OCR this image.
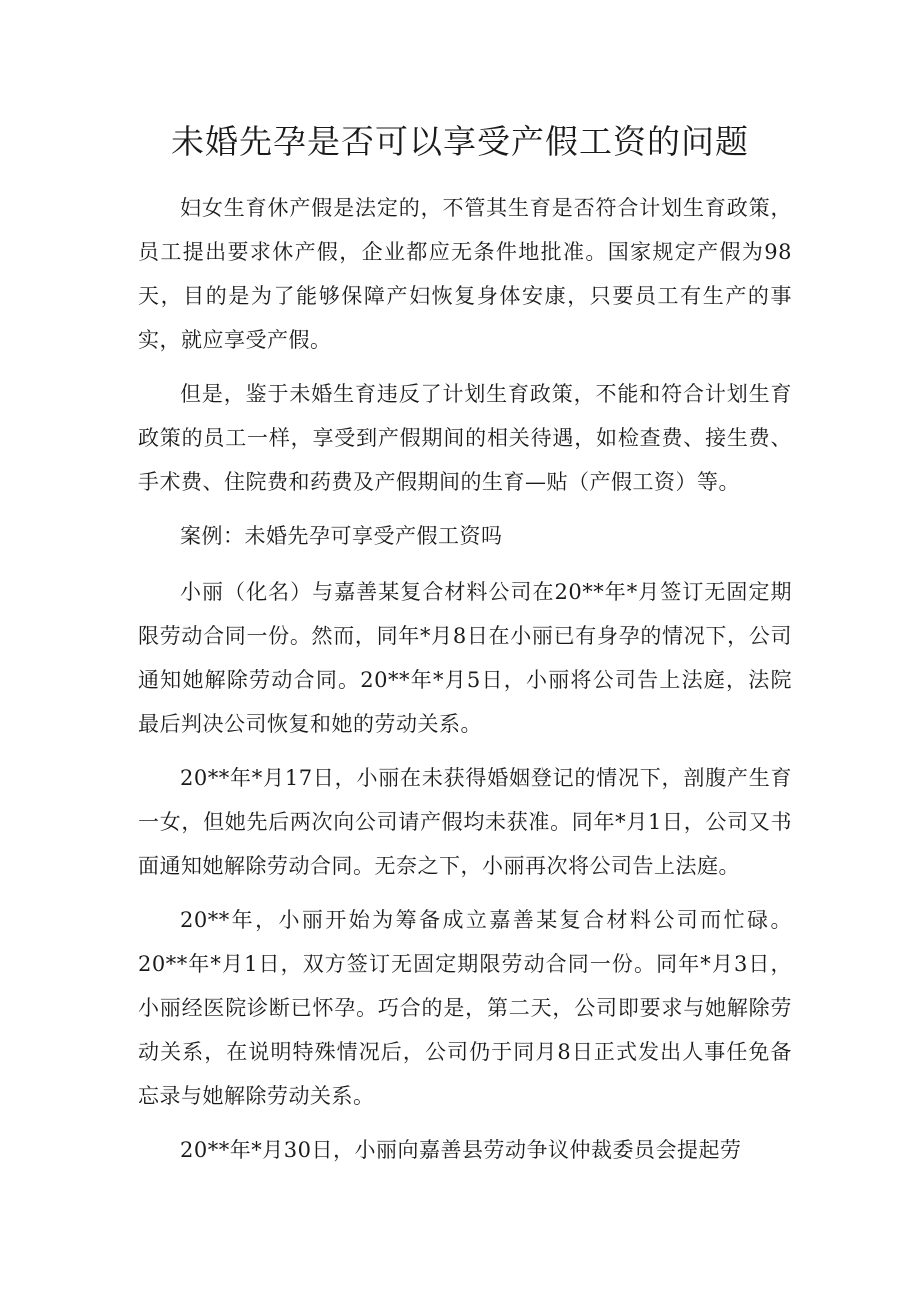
未婚先孕是否可以享受产假工资的问题

妇女生育休产假是法定的，不管其生育是否符合计划生育政策，员工提出要求休产假，企业都应无条件地批准。国家规定产假为98天，目的是为了能够保障产妇恢复身体安康，只要员工有生产的事实，就应享受产假。

但是，鉴于未婚生育违反了计划生育政策，不能和符合计划生育政策的员工一样，享受到产假期间的相关待遇，如检查费、接生费、手术费、住院费和药费及产假期间的生育—贴（产假工资）等。

案例：未婚先孕可享受产假工资吗

小丽（化名）与嘉善某复合材料公司在20**年*月签订无固定期限劳动合同一份。然而，同年*月8日在小丽已有身孕的情况下，公司通知她解除劳动合同。20**年*月5日，小丽将公司告上法庭，法院最后判决公司恢复和她的劳动关系。

20**年*月17日，小丽在未获得婚姻登记的情况下，剖腹产生育一女，但她先后两次向公司请产假均未获准。同年*月1日，公司又书面通知她解除劳动合同。无奈之下，小丽再次将公司告上法庭。

20**年，小丽开始为筹备成立嘉善某复合材料公司而忙碌。20**年*月1日，双方签订无固定期限劳动合同一份。同年*月3日，小丽经医院诊断已怀孕。巧合的是，第二天，公司即要求与她解除劳动关系，在说明特殊情况后，公司仍于同月8日正式发出人事任免备忘录与她解除劳动关系。

20**年*月30日，小丽向嘉善县劳动争议仲裁委员会提起劳
